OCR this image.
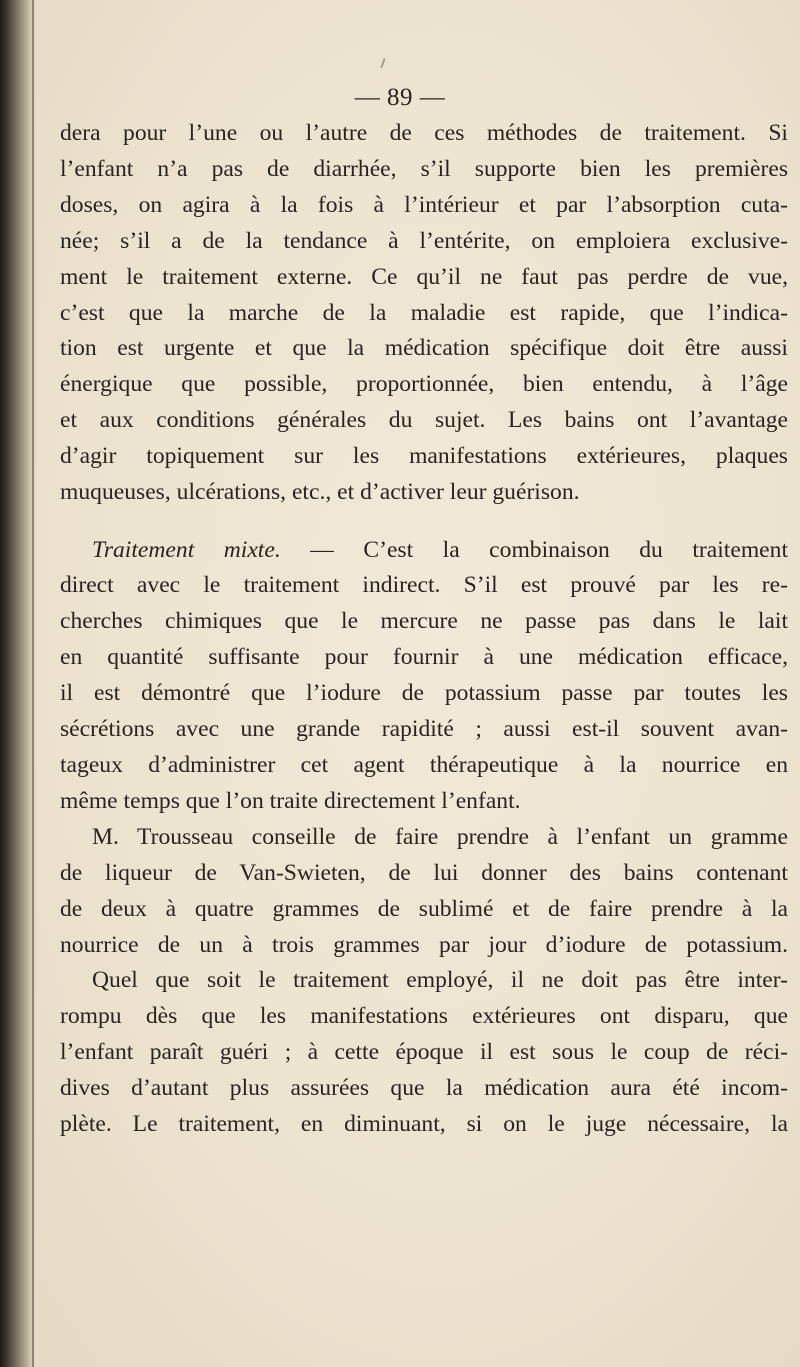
— 89 —
dera pour l’une ou l’autre de ces méthodes de traitement. Si
l’enfant n’a pas de diarrhée, s’il supporte bien les premières
doses, on agira à la fois à l’intérieur et par l’absorption cuta-
née; s’il a de la tendance à l’entérite, on emploiera exclusive-
ment le traitement externe. Ce qu’il ne faut pas perdre de vue,
c’est que la marche de la maladie est rapide, que l’indica-
tion est urgente et que la médication spécifique doit être aussi
énergique que possible, proportionnée, bien entendu, à l’âge
et aux conditions générales du sujet. Les bains ont l’avantage
d’agir topiquement sur les manifestations extérieures, plaques
muqueuses, ulcérations, etc., et d’activer leur guérison.
Traitement mixte. — C’est la combinaison du traitement
direct avec le traitement indirect. S’il est prouvé par les re-
cherches chimiques que le mercure ne passe pas dans le lait
en quantité suffisante pour fournir à une médication efficace,
il est démontré que l’iodure de potassium passe par toutes les
sécrétions avec une grande rapidité ; aussi est-il souvent avan-
tageux d’administrer cet agent thérapeutique à la nourrice en
même temps que l’on traite directement l’enfant.
M. Trousseau conseille de faire prendre à l’enfant un gramme
de liqueur de Van-Swieten, de lui donner des bains contenant
de deux à quatre grammes de sublimé et de faire prendre à la
nourrice de un à trois grammes par jour d’iodure de potassium.
Quel que soit le traitement employé, il ne doit pas être inter-
rompu dès que les manifestations extérieures ont disparu, que
l’enfant paraît guéri ; à cette époque il est sous le coup de réci-
dives d’autant plus assurées que la médication aura été incom-
plète. Le traitement, en diminuant, si on le juge nécessaire, la
